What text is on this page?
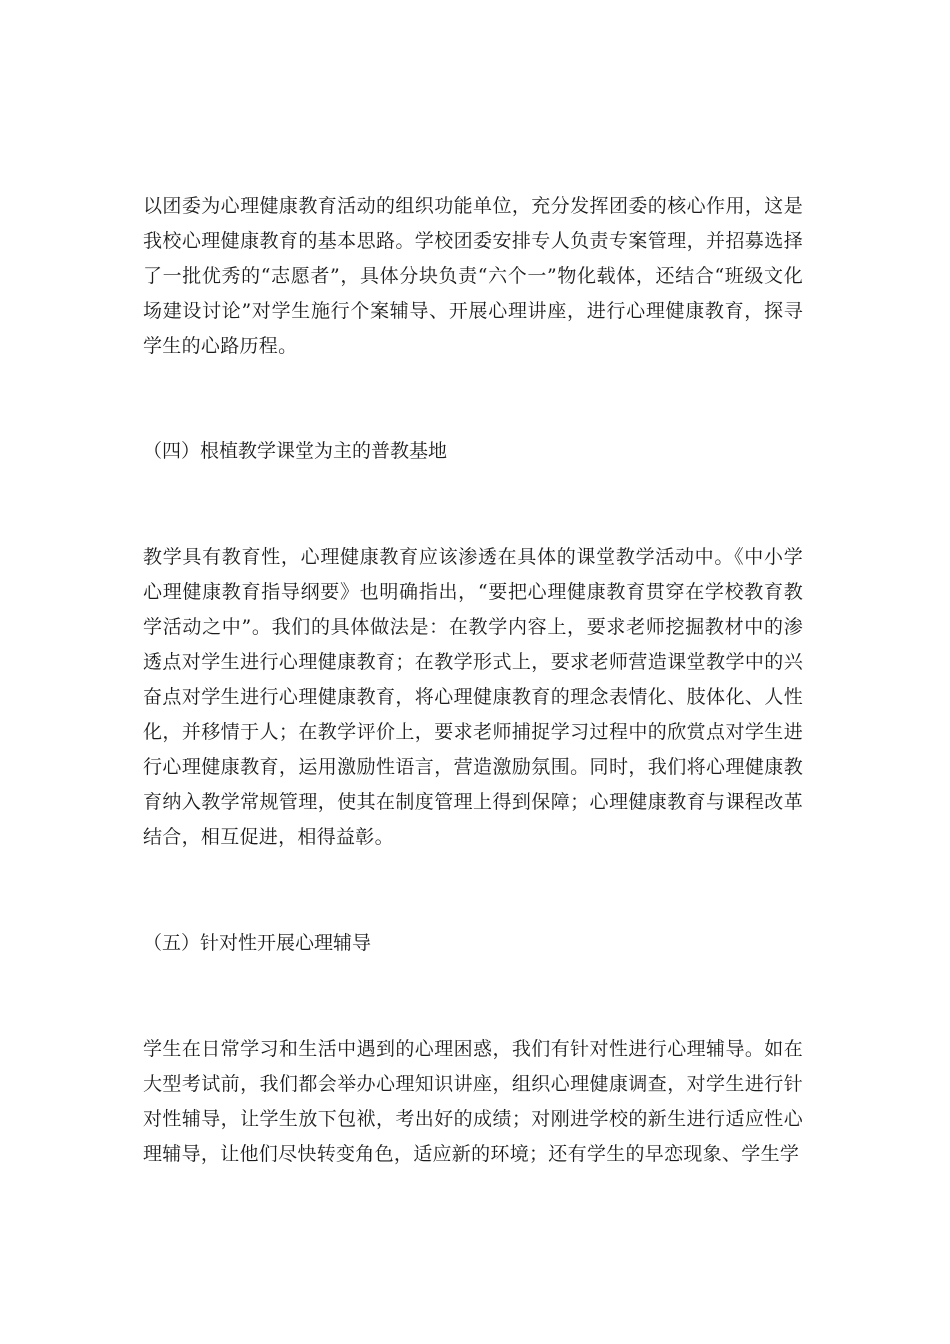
以团委为心理健康教育活动的组织功能单位，充分发挥团委的核心作用，这是我校心理健康教育的基本思路。学校团委安排专人负责专案管理，并招募选择了一批优秀的“志愿者”，具体分块负责“六个一”物化载体，还结合“班级文化场建设讨论”对学生施行个案辅导、开展心理讲座，进行心理健康教育，探寻学生的心路历程。

（四）根植教学课堂为主的普教基地

教学具有教育性，心理健康教育应该渗透在具体的课堂教学活动中。《中小学心理健康教育指导纲要》也明确指出，“要把心理健康教育贯穿在学校教育教学活动之中”。我们的具体做法是：在教学内容上，要求老师挖掘教材中的渗透点对学生进行心理健康教育；在教学形式上，要求老师营造课堂教学中的兴奋点对学生进行心理健康教育，将心理健康教育的理念表情化、肢体化、人性化，并移情于人；在教学评价上，要求老师捕捉学习过程中的欣赏点对学生进行心理健康教育，运用激励性语言，营造激励氛围。同时，我们将心理健康教育纳入教学常规管理，使其在制度管理上得到保障；心理健康教育与课程改革结合，相互促进，相得益彰。

（五）针对性开展心理辅导

学生在日常学习和生活中遇到的心理困惑，我们有针对性进行心理辅导。如在大型考试前，我们都会举办心理知识讲座，组织心理健康调查，对学生进行针对性辅导，让学生放下包袱，考出好的成绩；对刚进学校的新生进行适应性心理辅导，让他们尽快转变角色，适应新的环境；还有学生的早恋现象、学生学
